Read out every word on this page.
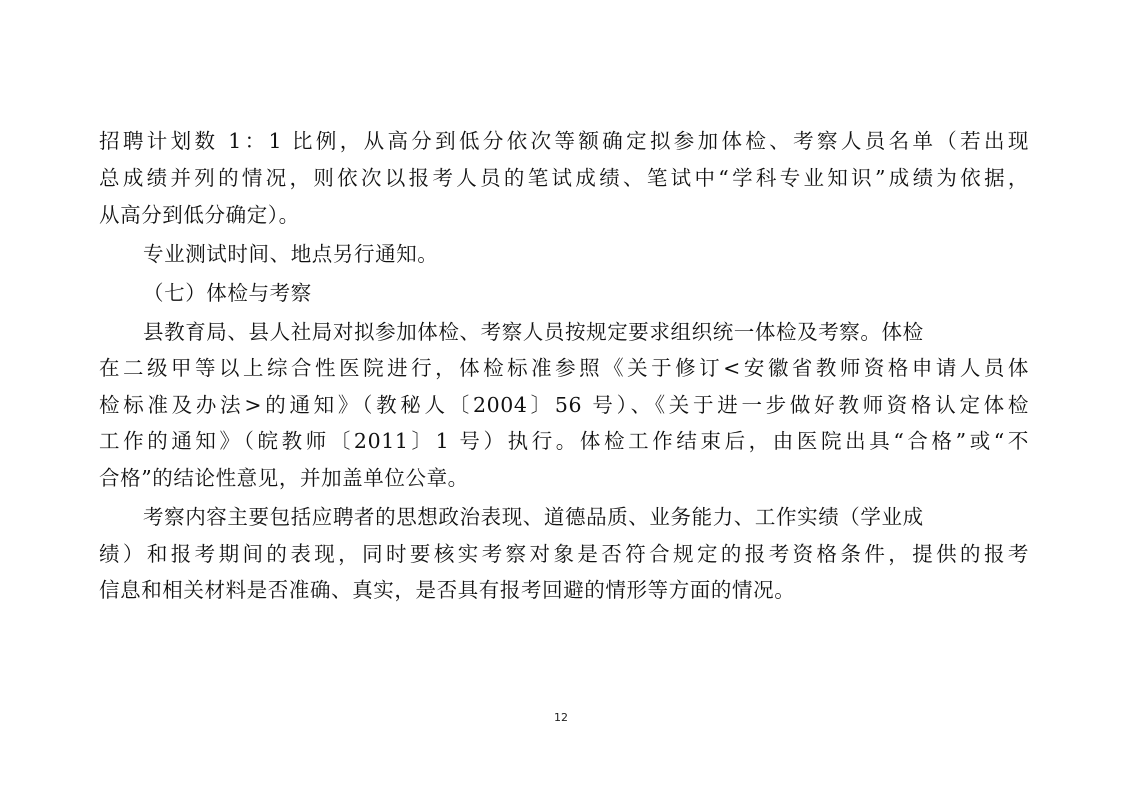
招聘计划数 1：1 比例，从高分到低分依次等额确定拟参加体检、考察人员名单（若出现
总成绩并列的情况，则依次以报考人员的笔试成绩、笔试中“学科专业知识”成绩为依据，
从高分到低分确定）。
专业测试时间、地点另行通知。
（七）体检与考察
县教育局、县人社局对拟参加体检、考察人员按规定要求组织统一体检及考察。体检
在二级甲等以上综合性医院进行，体检标准参照《关于修订<安徽省教师资格申请人员体
检标准及办法>的通知》（教秘人〔2004〕56 号）、《关于进一步做好教师资格认定体检
工作的通知》（皖教师〔2011〕1 号）执行。体检工作结束后，由医院出具“合格”或“不
合格”的结论性意见，并加盖单位公章。
考察内容主要包括应聘者的思想政治表现、道德品质、业务能力、工作实绩（学业成
绩）和报考期间的表现，同时要核实考察对象是否符合规定的报考资格条件，提供的报考
信息和相关材料是否准确、真实，是否具有报考回避的情形等方面的情况。
12
